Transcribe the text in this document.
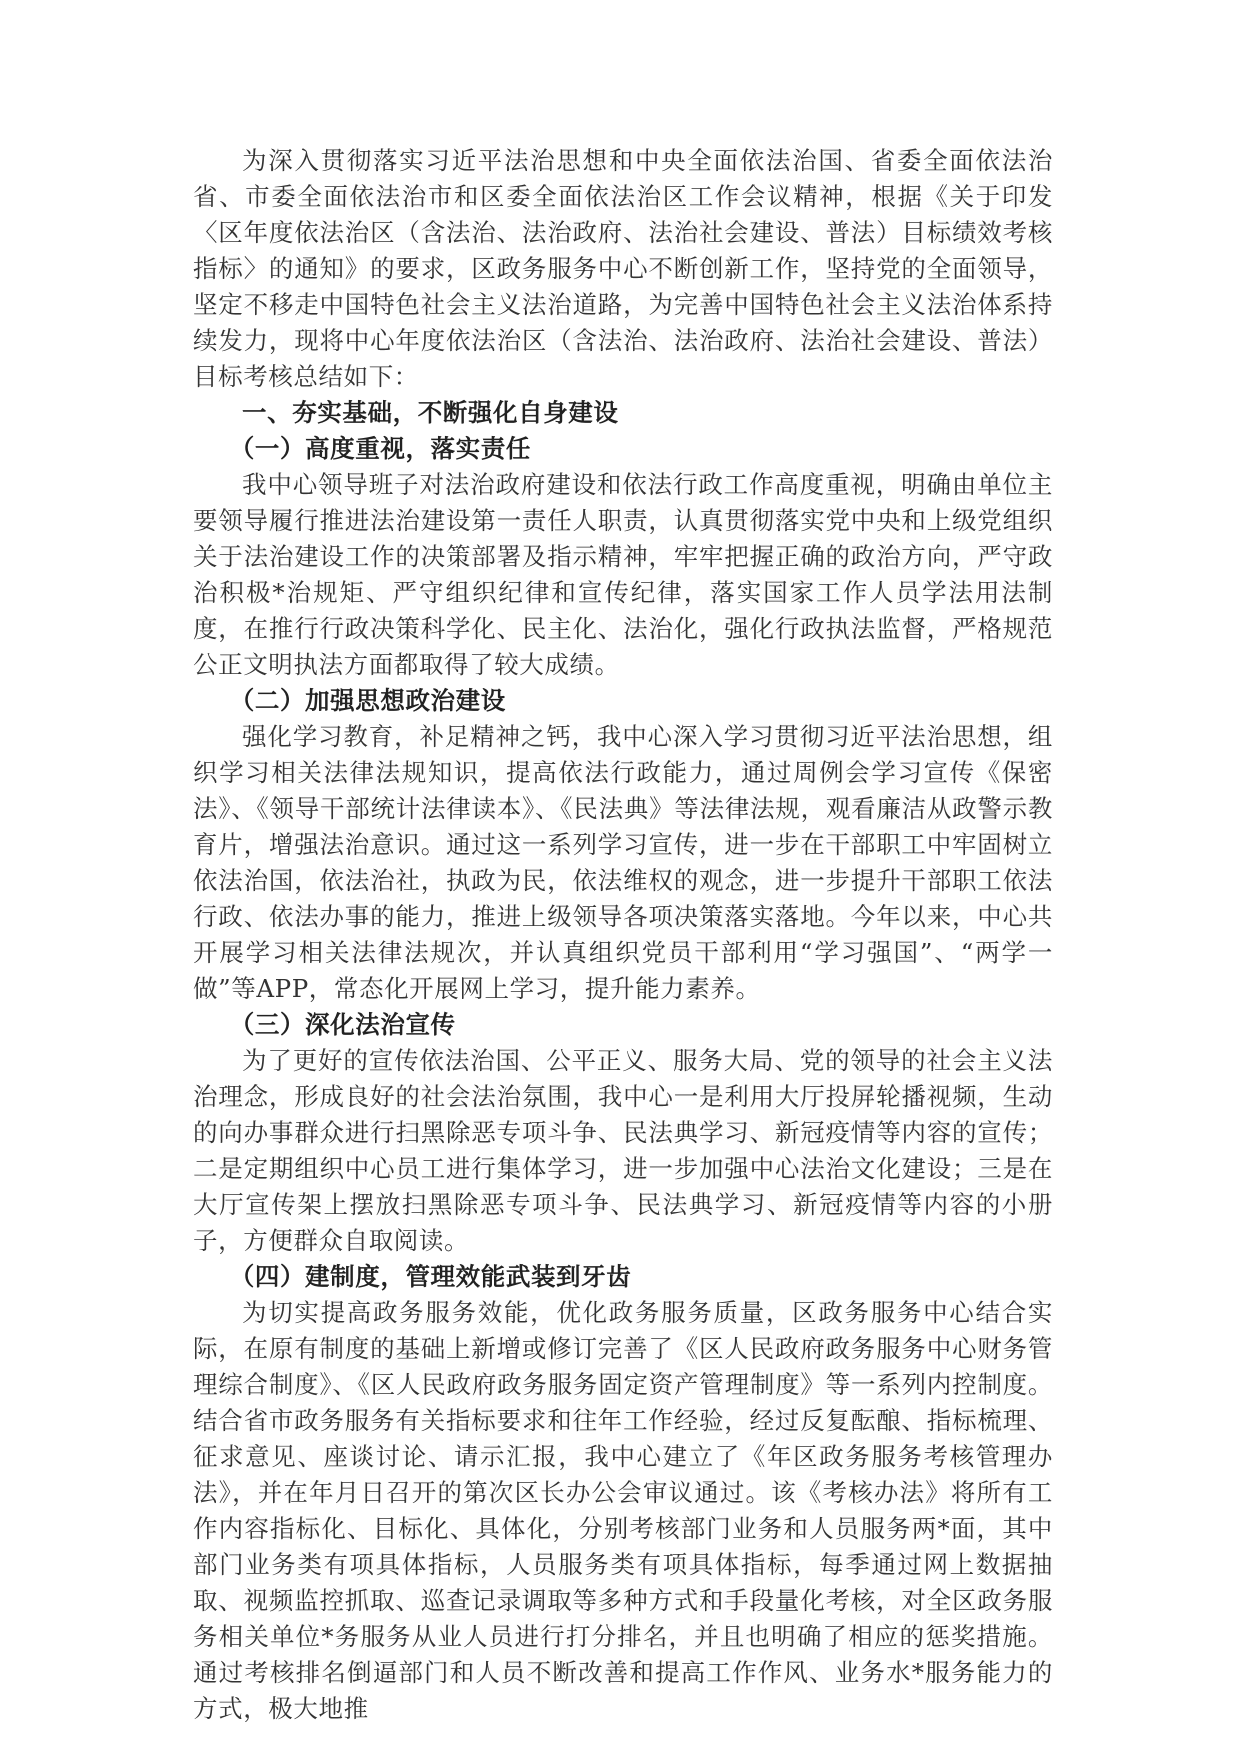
为深入贯彻落实习近平法治思想和中央全面依法治国、省委全面依法治省、市委全面依法治市和区委全面依法治区工作会议精神，根据《关于印发〈区年度依法治区（含法治、法治政府、法治社会建设、普法）目标绩效考核指标〉的通知》的要求，区政务服务中心不断创新工作，坚持党的全面领导，坚定不移走中国特色社会主义法治道路，为完善中国特色社会主义法治体系持续发力，现将中心年度依法治区（含法治、法治政府、法治社会建设、普法）目标考核总结如下：

一、夯实基础，不断强化自身建设

（一）高度重视，落实责任

我中心领导班子对法治政府建设和依法行政工作高度重视，明确由单位主要领导履行推进法治建设第一责任人职责，认真贯彻落实党中央和上级党组织关于法治建设工作的决策部署及指示精神，牢牢把握正确的政治方向，严守政治积极*治规矩、严守组织纪律和宣传纪律，落实国家工作人员学法用法制度，在推行行政决策科学化、民主化、法治化，强化行政执法监督，严格规范公正文明执法方面都取得了较大成绩。

（二）加强思想政治建设

强化学习教育，补足精神之钙，我中心深入学习贯彻习近平法治思想，组织学习相关法律法规知识，提高依法行政能力，通过周例会学习宣传《保密法》、《领导干部统计法律读本》、《民法典》等法律法规，观看廉洁从政警示教育片，增强法治意识。通过这一系列学习宣传，进一步在干部职工中牢固树立依法治国，依法治社，执政为民，依法维权的观念，进一步提升干部职工依法行政、依法办事的能力，推进上级领导各项决策落实落地。今年以来，中心共开展学习相关法律法规次，并认真组织党员干部利用“学习强国”、“两学一做”等APP，常态化开展网上学习，提升能力素养。

（三）深化法治宣传

为了更好的宣传依法治国、公平正义、服务大局、党的领导的社会主义法治理念，形成良好的社会法治氛围，我中心一是利用大厅投屏轮播视频，生动的向办事群众进行扫黑除恶专项斗争、民法典学习、新冠疫情等内容的宣传；二是定期组织中心员工进行集体学习，进一步加强中心法治文化建设；三是在大厅宣传架上摆放扫黑除恶专项斗争、民法典学习、新冠疫情等内容的小册子，方便群众自取阅读。

（四）建制度，管理效能武装到牙齿

为切实提高政务服务效能，优化政务服务质量，区政务服务中心结合实际，在原有制度的基础上新增或修订完善了《区人民政府政务服务中心财务管理综合制度》、《区人民政府政务服务固定资产管理制度》等一系列内控制度。结合省市政务服务有关指标要求和往年工作经验，经过反复酝酿、指标梳理、征求意见、座谈讨论、请示汇报，我中心建立了《年区政务服务考核管理办法》，并在年月日召开的第次区长办公会审议通过。该《考核办法》将所有工作内容指标化、目标化、具体化，分别考核部门业务和人员服务两*面，其中部门业务类有项具体指标，人员服务类有项具体指标，每季通过网上数据抽取、视频监控抓取、巡查记录调取等多种方式和手段量化考核，对全区政务服务相关单位*务服务从业人员进行打分排名，并且也明确了相应的惩奖措施。通过考核排名倒逼部门和人员不断改善和提高工作作风、业务水*服务能力的方式，极大地推
